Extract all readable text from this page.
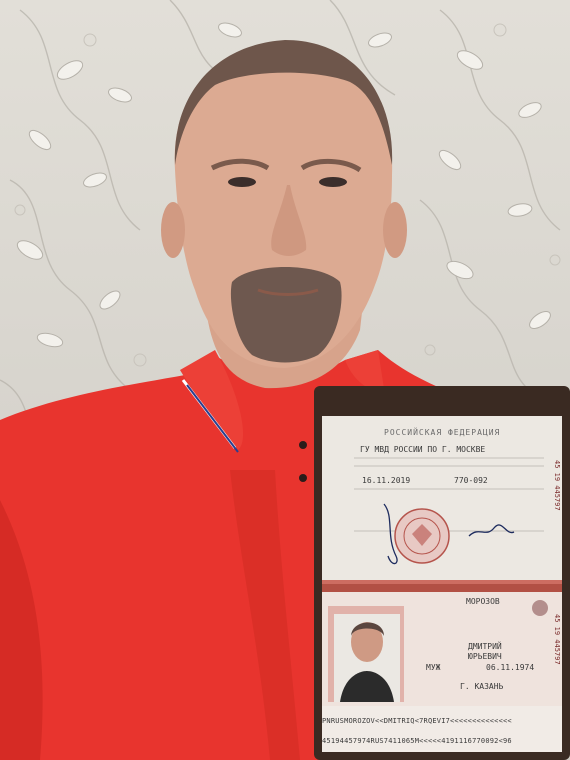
РОССИЙСКАЯ ФЕДЕРАЦИЯ
ГУ МВД РОССИИ ПО Г. МОСКВЕ
16.11.2019	770-092	45 19 445797
45 19 445797
МОРОЗОВ
ДМИТРИЙ
ЮРЬЕВИЧ
МУЖ	06.11.1974
Г. КАЗАНЬ
PNRUSMOROZOV<<DMITRIQ<7RQEVI7<<<<<<<<<<<<<<
45194457974RUS7411065M<<<<<4191116770092<96
